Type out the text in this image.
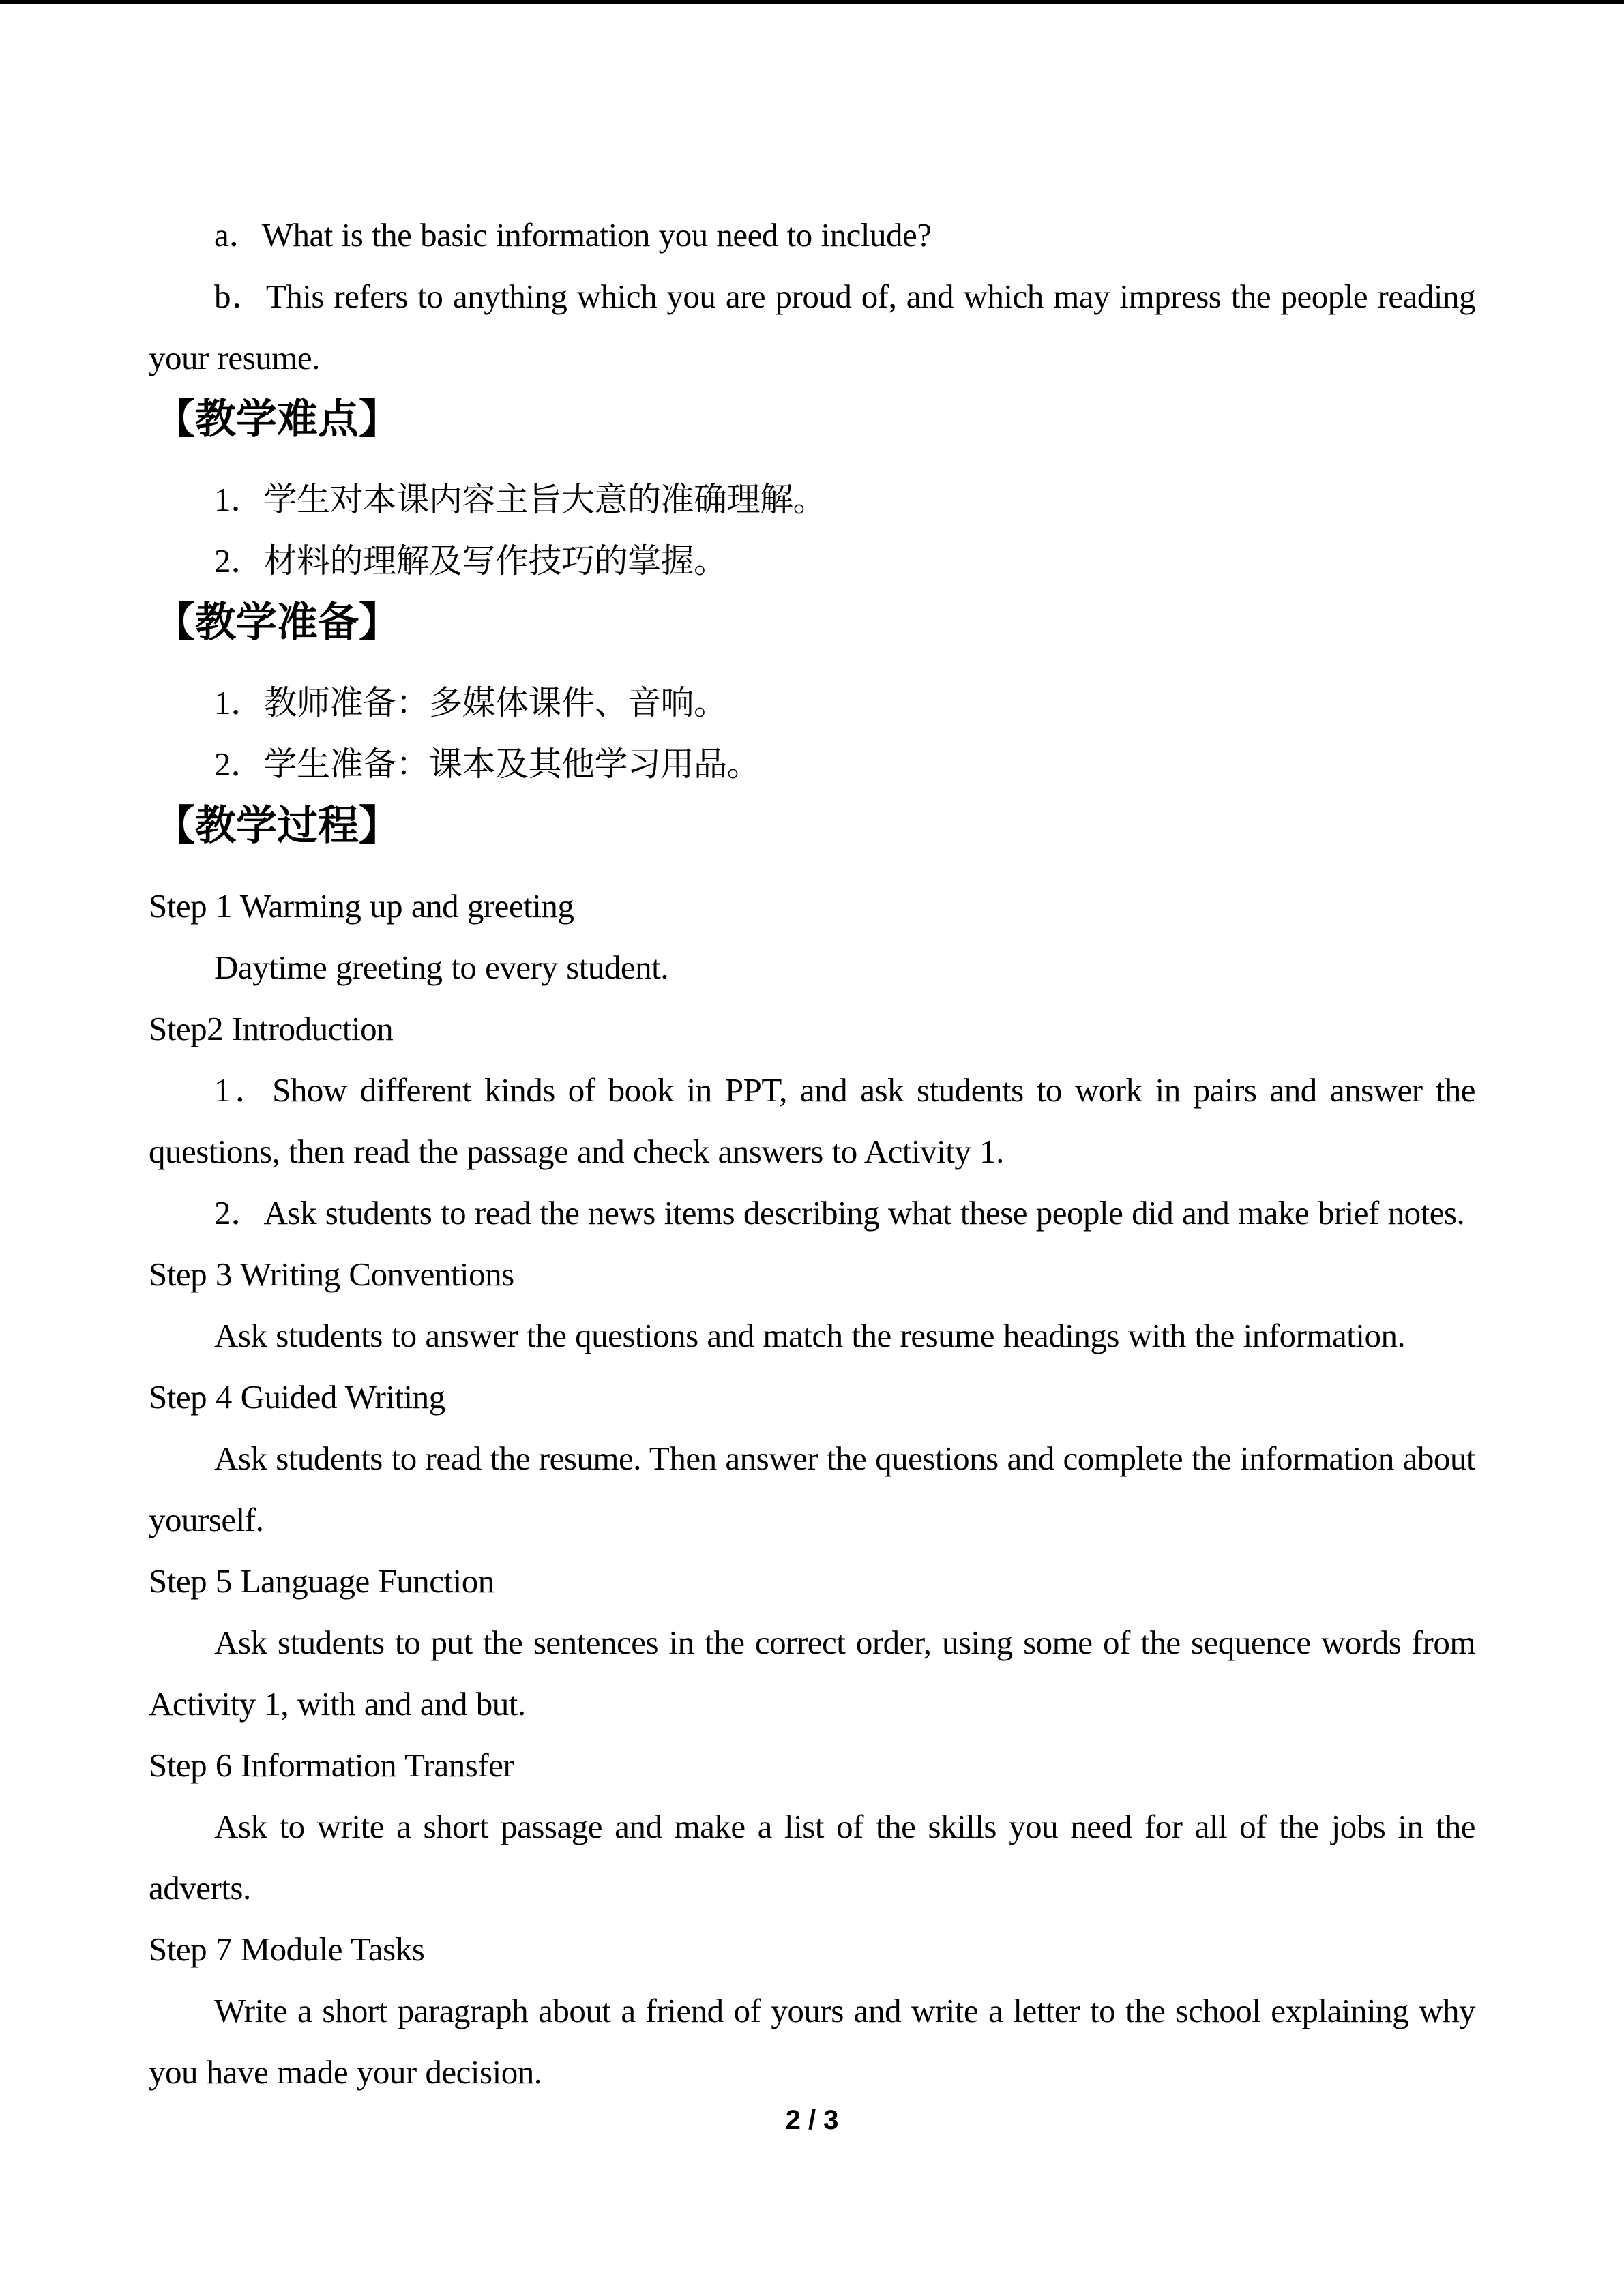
a．What is the basic information you need to include?

b．This refers to anything which you are proud of, and which may impress the people reading your resume.

【教学难点】

1．学生对本课内容主旨大意的准确理解。

2．材料的理解及写作技巧的掌握。

【教学准备】

1．教师准备：多媒体课件、音响。

2．学生准备：课本及其他学习用品。

【教学过程】

Step 1 Warming up and greeting

Daytime greeting to every student.

Step2 Introduction

1．Show different kinds of book in PPT, and ask students to work in pairs and answer the questions, then read the passage and check answers to Activity 1.

2．Ask students to read the news items describing what these people did and make brief notes.

Step 3 Writing Conventions

Ask students to answer the questions and match the resume headings with the information.

Step 4 Guided Writing

Ask students to read the resume. Then answer the questions and complete the information about yourself.

Step 5 Language Function

Ask students to put the sentences in the correct order, using some of the sequence words from Activity 1, with and and but.

Step 6 Information Transfer

Ask to write a short passage and make a list of the skills you need for all of the jobs in the adverts.

Step 7 Module Tasks

Write a short paragraph about a friend of yours and write a letter to the school explaining why you have made your decision.

2 / 3
